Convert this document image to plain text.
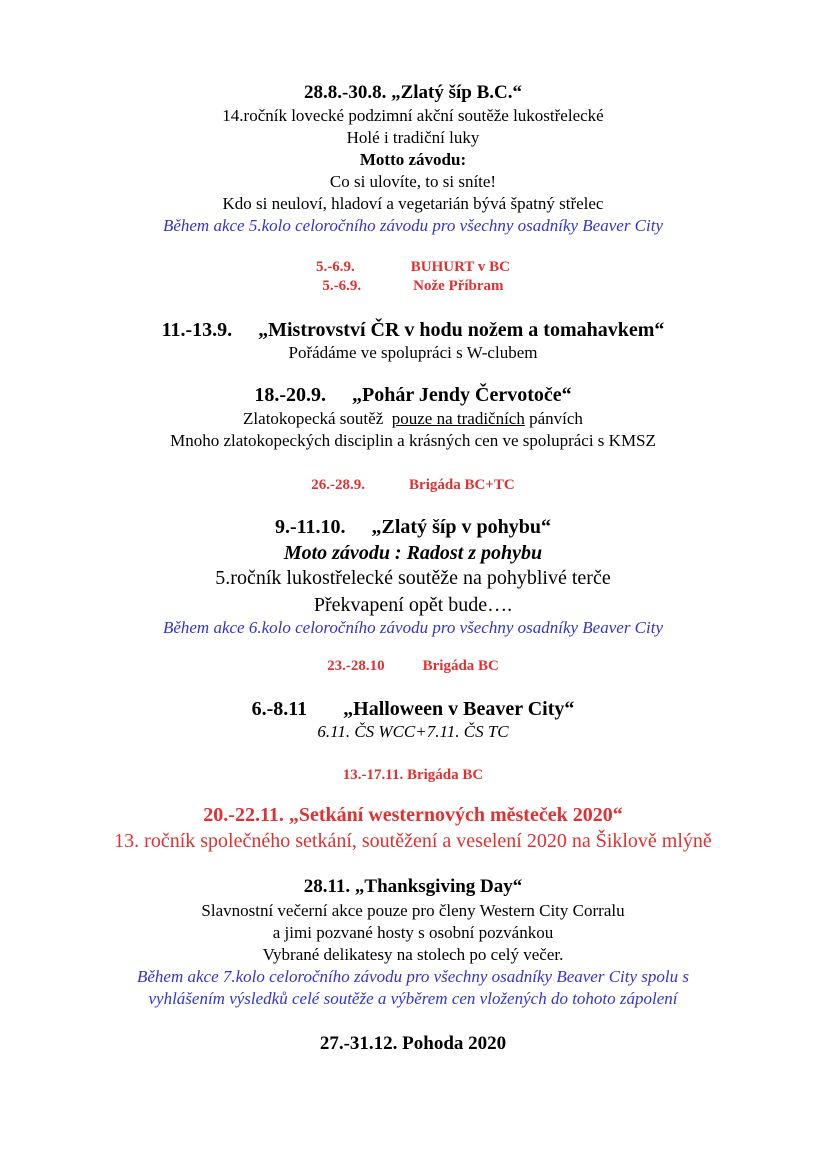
28.8.-30.8. „Zlatý šíp B.C.“
14.ročník lovecké podzimní akční soutěže lukostřelecké
Holé i tradiční luky
Motto závodu:
Co si ulovíte, to si sníte!
Kdo si neuloví, hladoví a vegetarián bývá špatný střelec
Během akce 5.kolo celoročního závodu pro všechny osadníky Beaver City
5.-6.9.	BUHURT v BC
5.-6.9.	Nože Příbram
11.-13.9. „Mistrovství ČR v hodu nožem a tomahavkem“
Pořádáme ve spolupráci s W-clubem
18.-20.9. „Pohár Jendy Červotoče“
Zlatokopecká soutěž  pouze na tradičních pánvích
Mnoho zlatokopeckých disciplin a krásných cen ve spolupráci s KMSZ
26.-28.9.	Brigáda BC+TC
9.-11.10. „Zlatý šíp v pohybu“
Moto závodu : Radost z pohybu
5.ročník lukostřelecké soutěže na pohyblivé terče
Překvapení opět bude….
Během akce 6.kolo celoročního závodu pro všechny osadníky Beaver City
23.-28.10	Brigáda BC
6.-8.11 „Halloween v Beaver City“
6.11. ČS WCC+7.11. ČS TC
13.-17.11. Brigáda BC
20.-22.11. „Setkání westernových městeček 2020“
13. ročník společného setkání, soutěžení a veselení 2020 na Šiklově mlýně
28.11. „Thanksgiving Day“
Slavnostní večerní akce pouze pro členy Western City Corralu
a jimi pozvané hosty s osobní pozvánkou
Vybrané delikatesy na stolech po celý večer.
Během akce 7.kolo celoročního závodu pro všechny osadníky Beaver City spolu s
vyhlášením výsledků celé soutěže a výběrem cen vložených do tohoto zápolení
27.-31.12. Pohoda 2020
